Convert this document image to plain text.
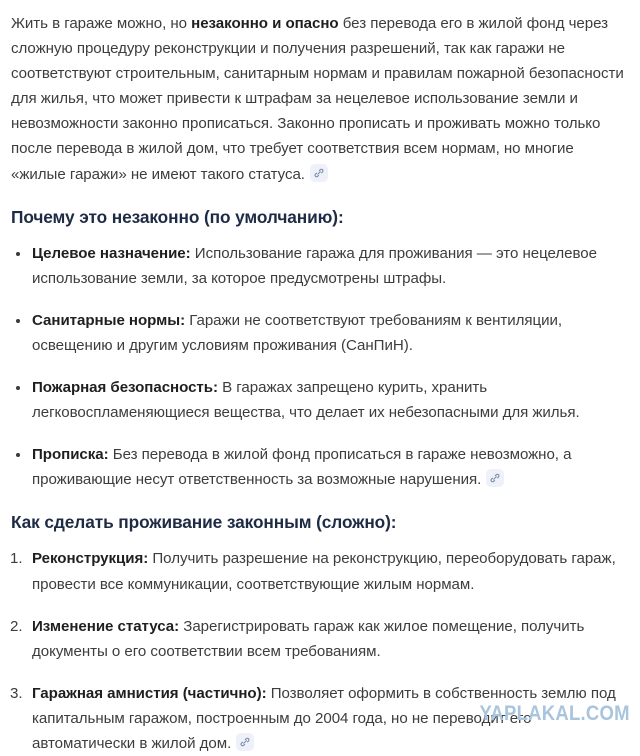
Жить в гараже можно, но незаконно и опасно без перевода его в жилой фонд через сложную процедуру реконструкции и получения разрешений, так как гаражи не соответствуют строительным, санитарным нормам и правилам пожарной безопасности для жилья, что может привести к штрафам за нецелевое использование земли и невозможности законно прописаться. Законно прописать и проживать можно только после перевода в жилой дом, что требует соответствия всем нормам, но многие «жилые гаражи» не имеют такого статуса.

Почему это незаконно (по умолчанию):
Целевое назначение: Использование гаража для проживания — это нецелевое использование земли, за которое предусмотрены штрафы.
Санитарные нормы: Гаражи не соответствуют требованиям к вентиляции, освещению и другим условиям проживания (СанПиН).
Пожарная безопасность: В гаражах запрещено курить, хранить легковоспламеняющиеся вещества, что делает их небезопасными для жилья.
Прописка: Без перевода в жилой фонд прописаться в гараже невозможно, а проживающие несут ответственность за возможные нарушения.
Как сделать проживание законным (сложно):
Реконструкция: Получить разрешение на реконструкцию, переоборудовать гараж, провести все коммуникации, соответствующие жилым нормам.
Изменение статуса: Зарегистрировать гараж как жилое помещение, получить документы о его соответствии всем требованиям.
Гаражная амнистия (частично): Позволяет оформить в собственность землю под капитальным гаражом, построенным до 2004 года, но не переводит его автоматически в жилой дом.
YAPLAKAL.COM
